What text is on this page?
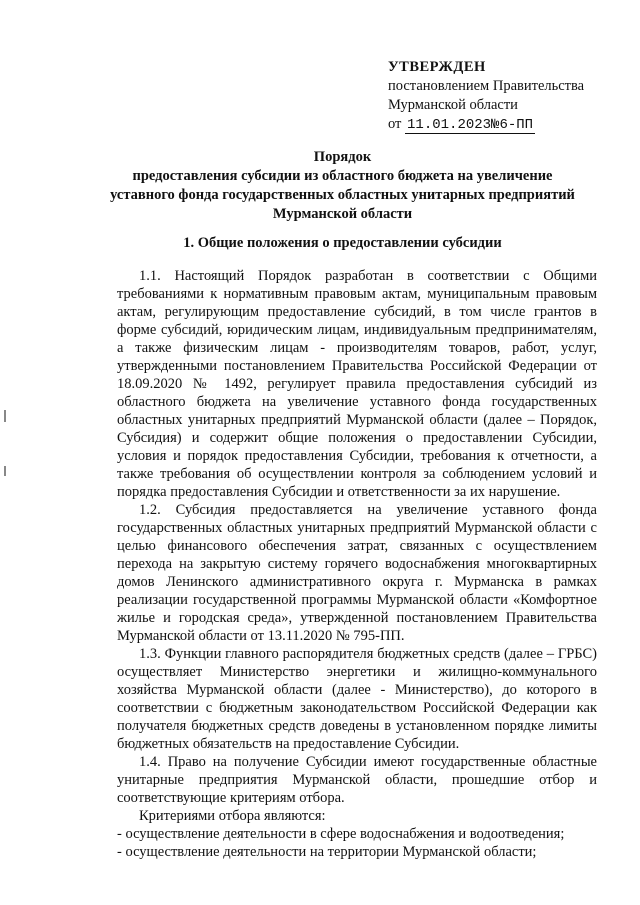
УТВЕРЖДЕН
постановлением Правительства
Мурманской области
от 11.01.2023№6-ПП
Порядок
предоставления субсидии из областного бюджета на увеличение
уставного фонда государственных областных унитарных предприятий
Мурманской области
1. Общие положения о предоставлении субсидии

1.1. Настоящий Порядок разработан в соответствии с Общими требованиями к нормативным правовым актам, муниципальным правовым актам, регулирующим предоставление субсидий, в том числе грантов в форме субсидий, юридическим лицам, индивидуальным предпринимателям, а также физическим лицам - производителям товаров, работ, услуг, утвержденными постановлением Правительства Российской Федерации от 18.09.2020 № 1492, регулирует правила предоставления субсидий из областного бюджета на увеличение уставного фонда государственных областных унитарных предприятий Мурманской области (далее – Порядок, Субсидия) и содержит общие положения о предоставлении Субсидии, условия и порядок предоставления Субсидии, требования к отчетности, а также требования об осуществлении контроля за соблюдением условий и порядка предоставления Субсидии и ответственности за их нарушение.

1.2. Субсидия предоставляется на увеличение уставного фонда государственных областных унитарных предприятий Мурманской области с целью финансового обеспечения затрат, связанных с осуществлением перехода на закрытую систему горячего водоснабжения многоквартирных домов Ленинского административного округа г. Мурманска в рамках реализации государственной программы Мурманской области «Комфортное жилье и городская среда», утвержденной постановлением Правительства Мурманской области от 13.11.2020 № 795-ПП.

1.3. Функции главного распорядителя бюджетных средств (далее – ГРБС) осуществляет Министерство энергетики и жилищно-коммунального хозяйства Мурманской области (далее - Министерство), до которого в соответствии с бюджетным законодательством Российской Федерации как получателя бюджетных средств доведены в установленном порядке лимиты бюджетных обязательств на предоставление Субсидии.

1.4. Право на получение Субсидии имеют государственные областные унитарные предприятия Мурманской области, прошедшие отбор и соответствующие критериям отбора.

Критериями отбора являются:

- осуществление деятельности в сфере водоснабжения и водоотведения;

- осуществление деятельности на территории Мурманской области;
